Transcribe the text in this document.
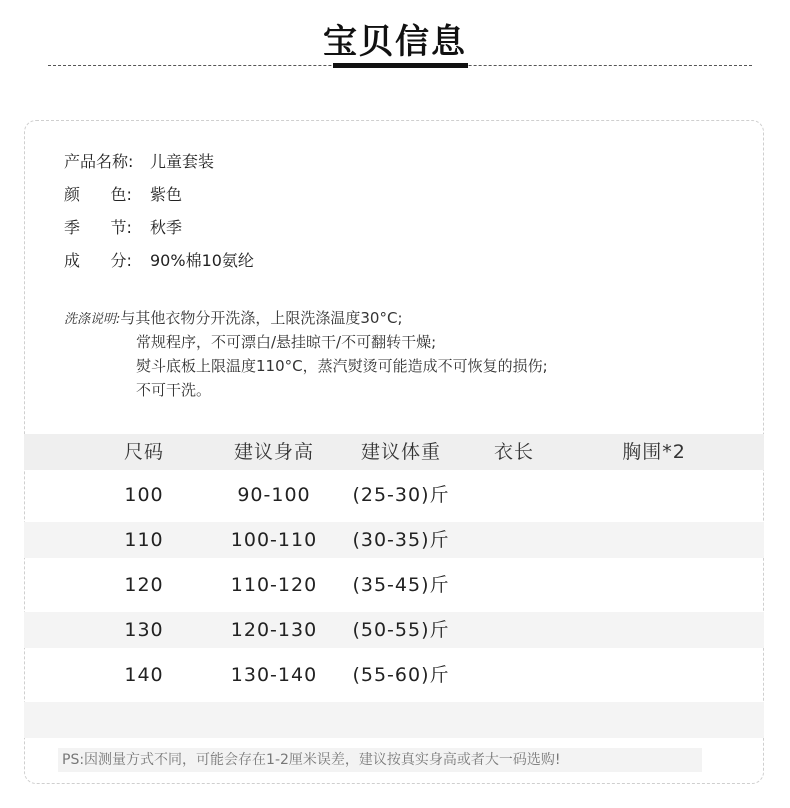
宝贝信息
产品名称: 儿童套装
颜      色: 紫色
季      节: 秋季
成      分: 90%棉10氨纶
洗涤说明:与其他衣物分开洗涤，上限洗涤温度30°C;
常规程序，不可漂白/悬挂晾干/不可翻转干燥;
熨斗底板上限温度110°C，蒸汽熨烫可能造成不可恢复的损伤;
不可干洗。
尺码	建议身高	建议体重	衣长	胸围*2
100	90-100	(25-30)斤
110	100-110	(30-35)斤
120	110-120	(35-45)斤
130	120-130	(50-55)斤
140	130-140	(55-60)斤
PS:因测量方式不同，可能会存在1-2厘米误差，建议按真实身高或者大一码选购!
